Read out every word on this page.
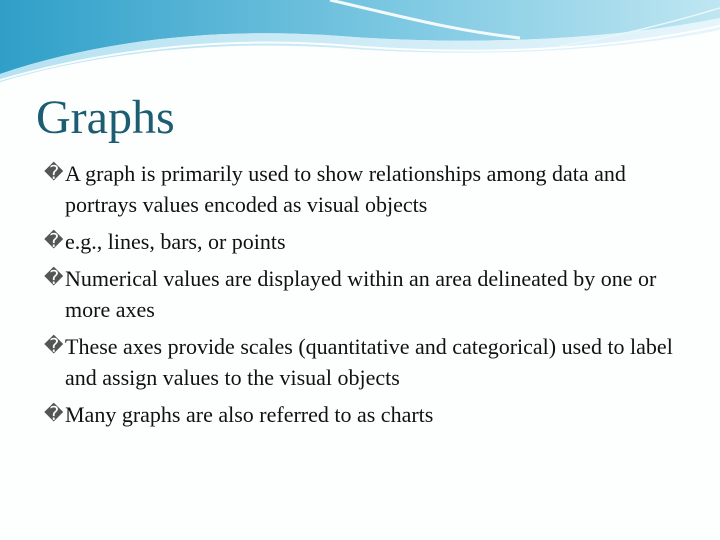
Graphs
� A graph is primarily used to show relationships among data and portrays values encoded as visual objects
� e.g., lines, bars, or points
� Numerical values are displayed within an area delineated by one or more axes
� These axes provide scales (quantitative and categorical) used to label and assign values to the visual objects
� Many graphs are also referred to as charts
